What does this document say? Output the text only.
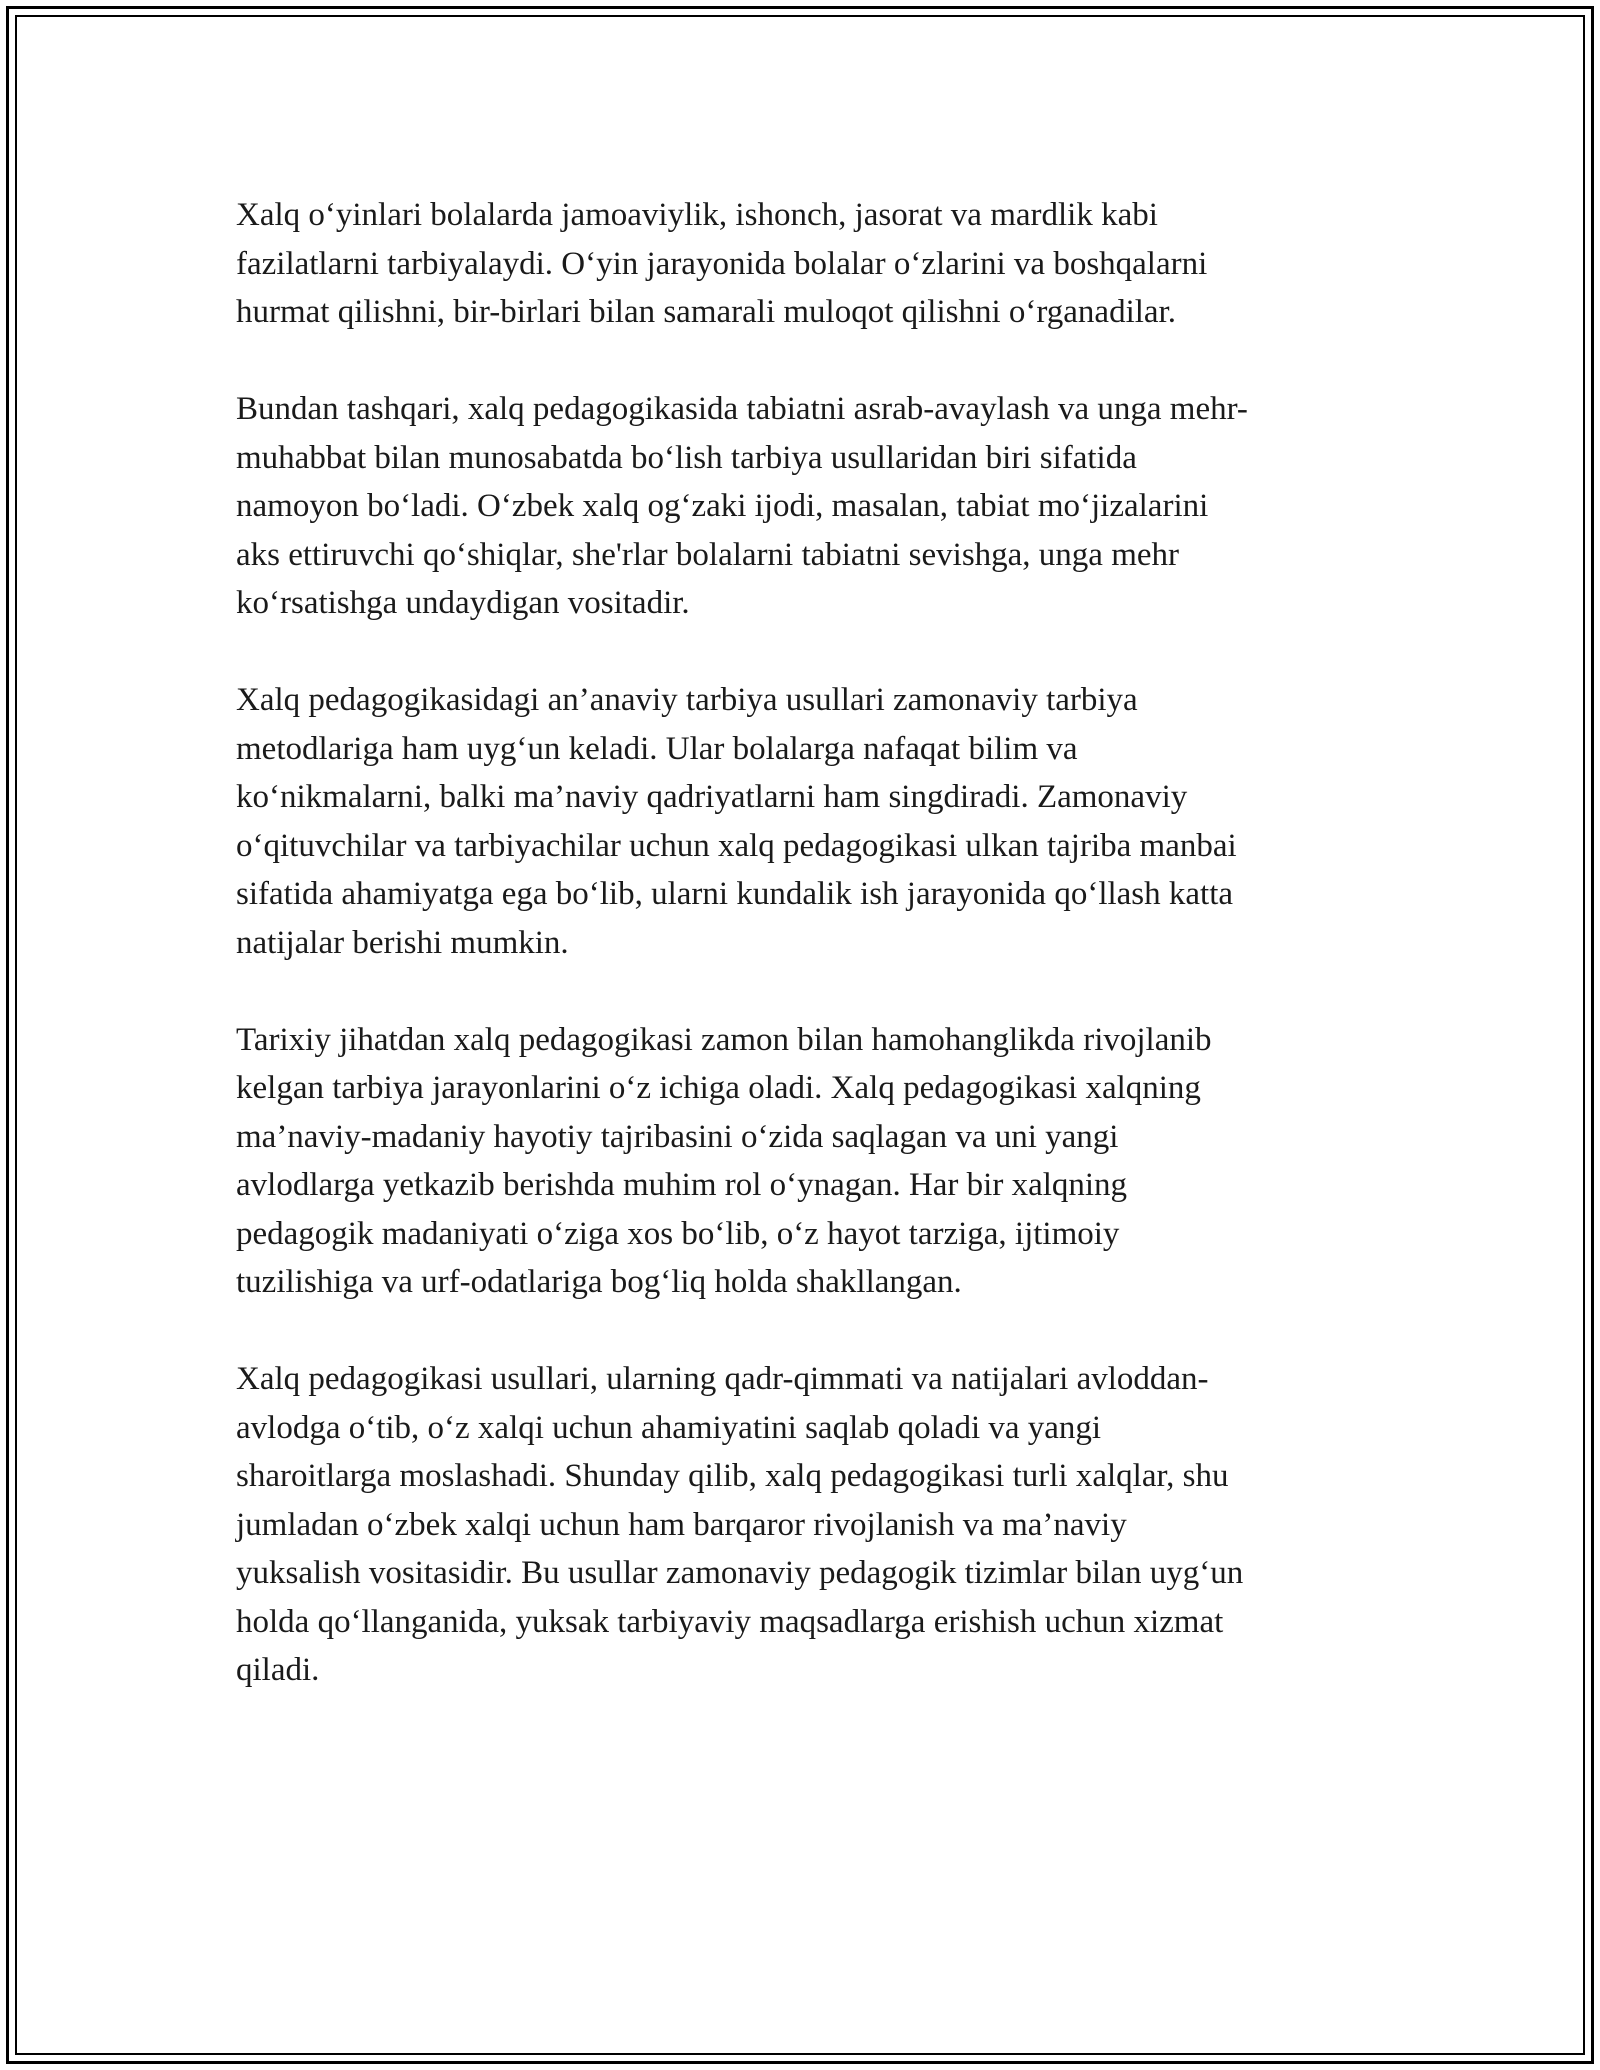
Xalq o‘yinlari bolalarda jamoaviylik, ishonch, jasorat va mardlik kabi
fazilatlarni tarbiyalaydi. O‘yin jarayonida bolalar o‘zlarini va boshqalarni
hurmat qilishni, bir-birlari bilan samarali muloqot qilishni o‘rganadilar.

Bundan tashqari, xalq pedagogikasida tabiatni asrab-avaylash va unga mehr-
muhabbat bilan munosabatda bo‘lish tarbiya usullaridan biri sifatida
namoyon bo‘ladi. O‘zbek xalq og‘zaki ijodi, masalan, tabiat mo‘jizalarini
aks ettiruvchi qo‘shiqlar, she'rlar bolalarni tabiatni sevishga, unga mehr
ko‘rsatishga undaydigan vositadir.

Xalq pedagogikasidagi an’anaviy tarbiya usullari zamonaviy tarbiya
metodlariga ham uyg‘un keladi. Ular bolalarga nafaqat bilim va
ko‘nikmalarni, balki ma’naviy qadriyatlarni ham singdiradi. Zamonaviy
o‘qituvchilar va tarbiyachilar uchun xalq pedagogikasi ulkan tajriba manbai
sifatida ahamiyatga ega bo‘lib, ularni kundalik ish jarayonida qo‘llash katta
natijalar berishi mumkin.

Tarixiy jihatdan xalq pedagogikasi zamon bilan hamohanglikda rivojlanib
kelgan tarbiya jarayonlarini o‘z ichiga oladi. Xalq pedagogikasi xalqning
ma’naviy-madaniy hayotiy tajribasini o‘zida saqlagan va uni yangi
avlodlarga yetkazib berishda muhim rol o‘ynagan. Har bir xalqning
pedagogik madaniyati o‘ziga xos bo‘lib, o‘z hayot tarziga, ijtimoiy
tuzilishiga va urf-odatlariga bog‘liq holda shakllangan.

Xalq pedagogikasi usullari, ularning qadr-qimmati va natijalari avloddan-
avlodga o‘tib, o‘z xalqi uchun ahamiyatini saqlab qoladi va yangi
sharoitlarga moslashadi. Shunday qilib, xalq pedagogikasi turli xalqlar, shu
jumladan o‘zbek xalqi uchun ham barqaror rivojlanish va ma’naviy
yuksalish vositasidir. Bu usullar zamonaviy pedagogik tizimlar bilan uyg‘un
holda qo‘llanganida, yuksak tarbiyaviy maqsadlarga erishish uchun xizmat
qiladi.
